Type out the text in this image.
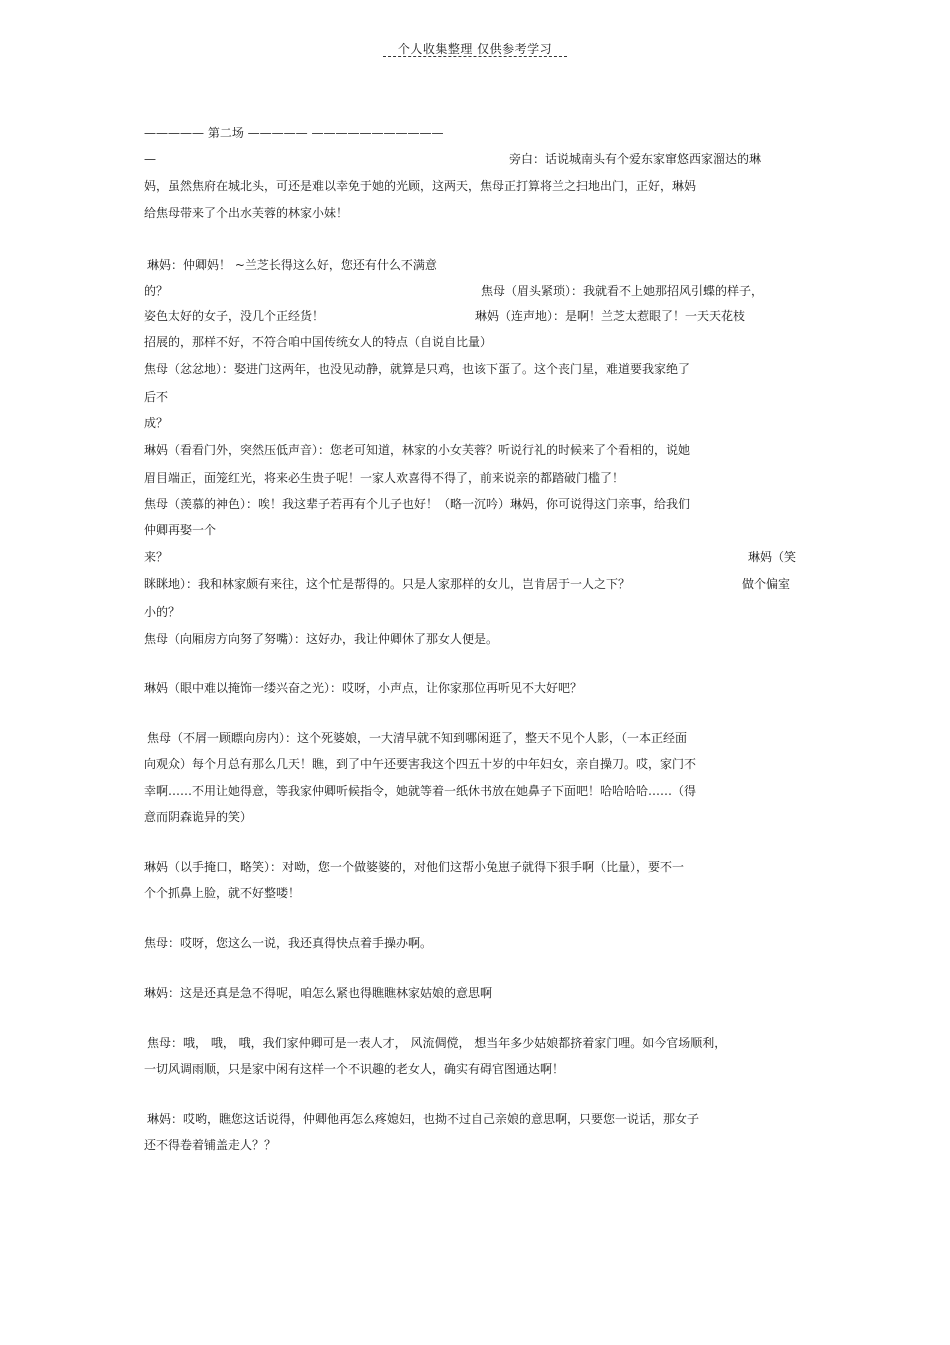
个人收集整理 仅供参考学习
————— 第二场 ————— ———————————
—	旁白：话说城南头有个爱东家窜悠西家溜达的琳
妈，虽然焦府在城北头，可还是难以幸免于她的光顾，这两天，焦母正打算将兰之扫地出门，正好，琳妈
给焦母带来了个出水芙蓉的林家小妹！
琳妈：仲卿妈！ ~兰芝长得这么好，您还有什么不满意
的？	焦母（眉头紧琐）：我就看不上她那招风引蝶的样子，
姿色太好的女子，没几个正经货！	琳妈（连声地）：是啊！兰芝太惹眼了！一天天花枝
招展的，那样不好，不符合咱中国传统女人的特点（自说自比量）
焦母（忿忿地）：娶进门这两年，也没见动静，就算是只鸡，也该下蛋了。这个丧门星，难道要我家绝了
后不
成？
琳妈（看看门外，突然压低声音）：您老可知道，林家的小女芙蓉？听说行礼的时候来了个看相的，说她
眉目端正，面笼红光，将来必生贵子呢！一家人欢喜得不得了，前来说亲的都踏破门槛了！
焦母（羡慕的神色）：唉！我这辈子若再有个儿子也好！（略一沉吟）琳妈，你可说得这门亲事，给我们
仲卿再娶一个
来？	琳妈（笑
眯眯地）：我和林家颇有来往，这个忙是帮得的。只是人家那样的女儿，岂肯居于一人之下？	做个偏室
小的？
焦母（向厢房方向努了努嘴）：这好办，我让仲卿休了那女人便是。
琳妈（眼中难以掩饰一缕兴奋之光）：哎呀，小声点，让你家那位再听见不大好吧？
焦母（不屑一顾瞟向房内）：这个死婆娘，一大清早就不知到哪闲逛了，整天不见个人影，（一本正经面
向观众）每个月总有那么几天！瞧，到了中午还要害我这个四五十岁的中年妇女，亲自操刀。哎，家门不
幸啊……不用让她得意，等我家仲卿听候指令，她就等着一纸休书放在她鼻子下面吧！哈哈哈哈……（得
意而阴森诡异的笑）
琳妈（以手掩口，略笑）：对呦，您一个做婆婆的，对他们这帮小兔崽子就得下狠手啊（比量），要不一
个个抓鼻上脸，就不好整喽！
焦母：哎呀，您这么一说，我还真得快点着手操办啊。
琳妈：这是还真是急不得呢，咱怎么紧也得瞧瞧林家姑娘的意思啊
焦母：哦， 哦， 哦，我们家仲卿可是一表人才， 风流倜傥， 想当年多少姑娘都挤着家门哩。如今官场顺利，
一切风调雨顺，只是家中闲有这样一个不识趣的老女人，确实有碍官图通达啊！
琳妈：哎哟，瞧您这话说得，仲卿他再怎么疼媳妇，也拗不过自己亲娘的意思啊，只要您一说话，那女子
还不得卷着铺盖走人？？
